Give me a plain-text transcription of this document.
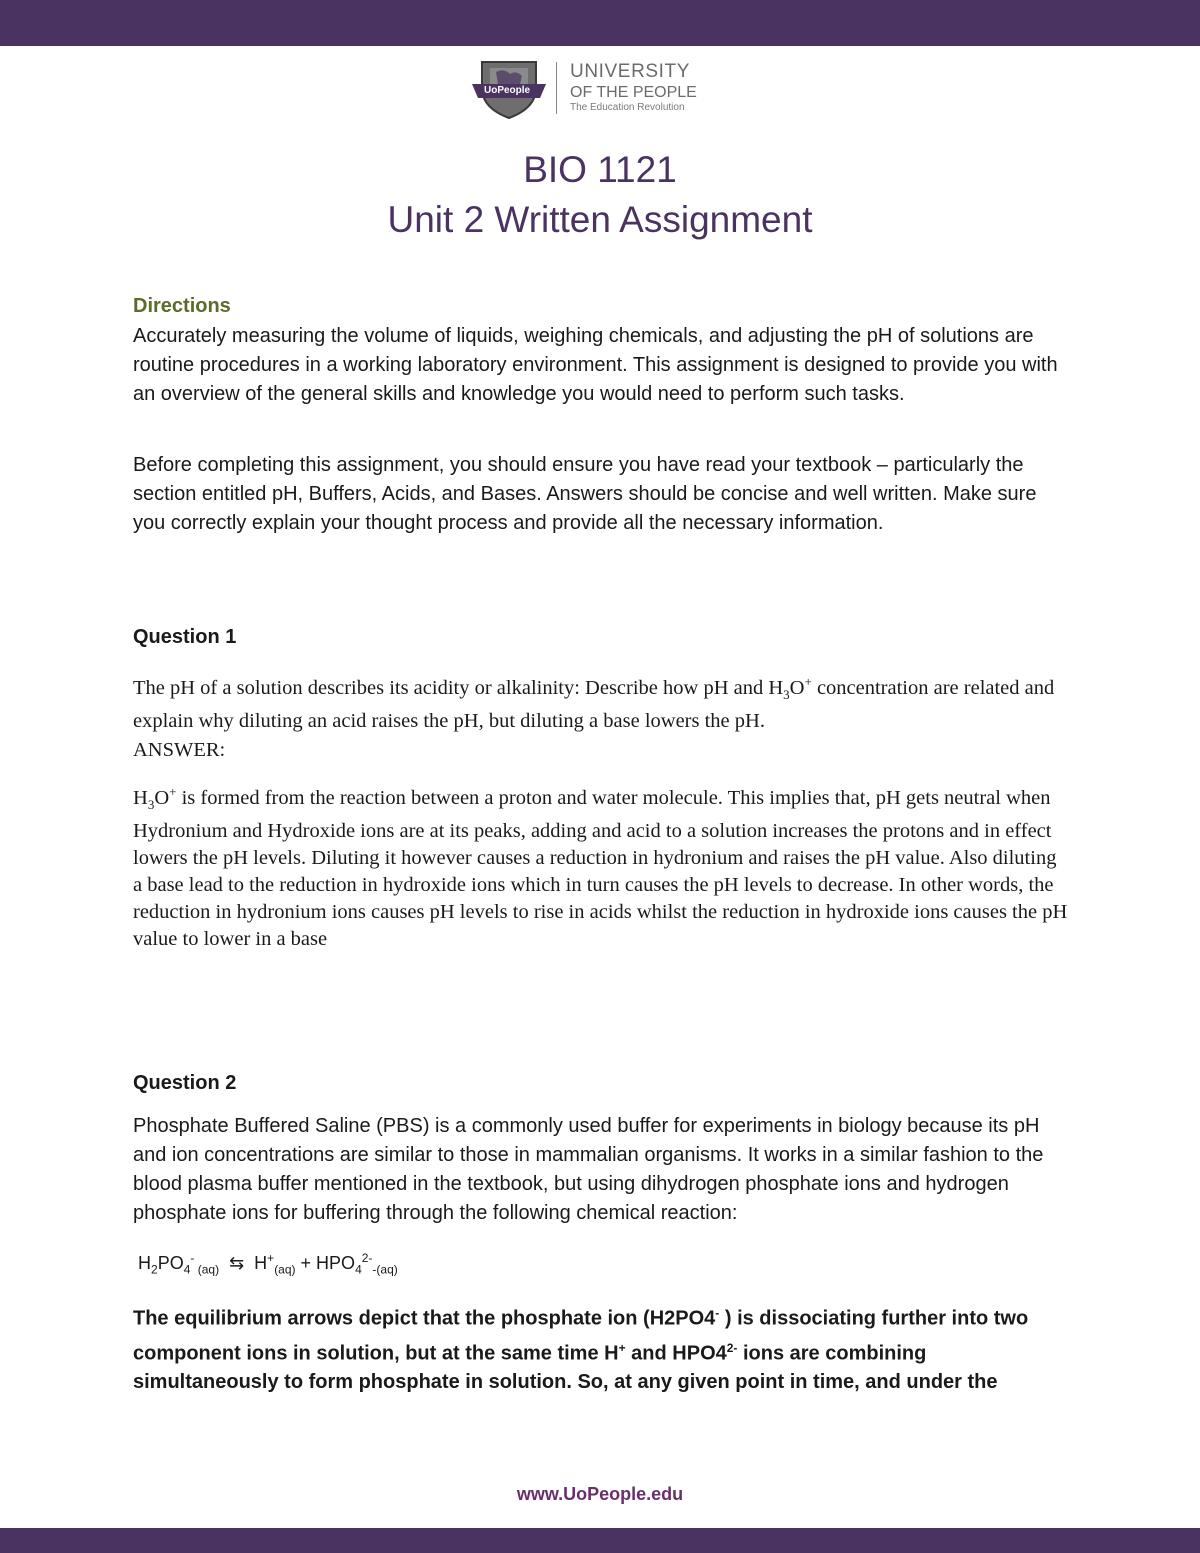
UoPeople
UNIVERSITY
OF THE PEOPLE
The Education Revolution
BIO 1121
Unit 2 Written Assignment
Directions

Accurately measuring the volume of liquids, weighing chemicals, and adjusting the pH of solutions are routine procedures in a working laboratory environment. This assignment is designed to provide you with an overview of the general skills and knowledge you would need to perform such tasks.

Before completing this assignment, you should ensure you have read your textbook – particularly the section entitled pH, Buffers, Acids, and Bases. Answers should be concise and well written. Make sure you correctly explain your thought process and provide all the necessary information.

Question 1

The pH of a solution describes its acidity or alkalinity: Describe how pH and $H_3O^+$ concentration are related and explain why diluting an acid raises the pH, but diluting a base lowers the pH.

ANSWER:

$H_3O^+$ is formed from the reaction between a proton and water molecule. This implies that, pH gets neutral when Hydronium and Hydroxide ions are at its peaks, adding and acid to a solution increases the protons and in effect lowers the pH levels. Diluting it however causes a reduction in hydronium and raises the pH value. Also diluting a base lead to the reduction in hydroxide ions which in turn causes the pH levels to decrease. In other words, the reduction in hydronium ions causes pH levels to rise in acids whilst the reduction in hydroxide ions causes the pH value to lower in a base

Question 2

Phosphate Buffered Saline (PBS) is a commonly used buffer for experiments in biology because its pH and ion concentrations are similar to those in mammalian organisms. It works in a similar fashion to the blood plasma buffer mentioned in the textbook, but using dihydrogen phosphate ions and hydrogen phosphate ions for buffering through the following chemical reaction:

$H_2PO_4^-$ $_{(aq)}$  ⇆  $H^+_{(aq)} + HPO_4^{2-}_{-(aq)}$

The equilibrium arrows depict that the phosphate ion (H2PO4- ) is dissociating further into two component ions in solution, but at the same time H+ and $HPO4^{2-}$ ions are combining simultaneously to form phosphate in solution. So, at any given point in time, and under the

www.UoPeople.edu
